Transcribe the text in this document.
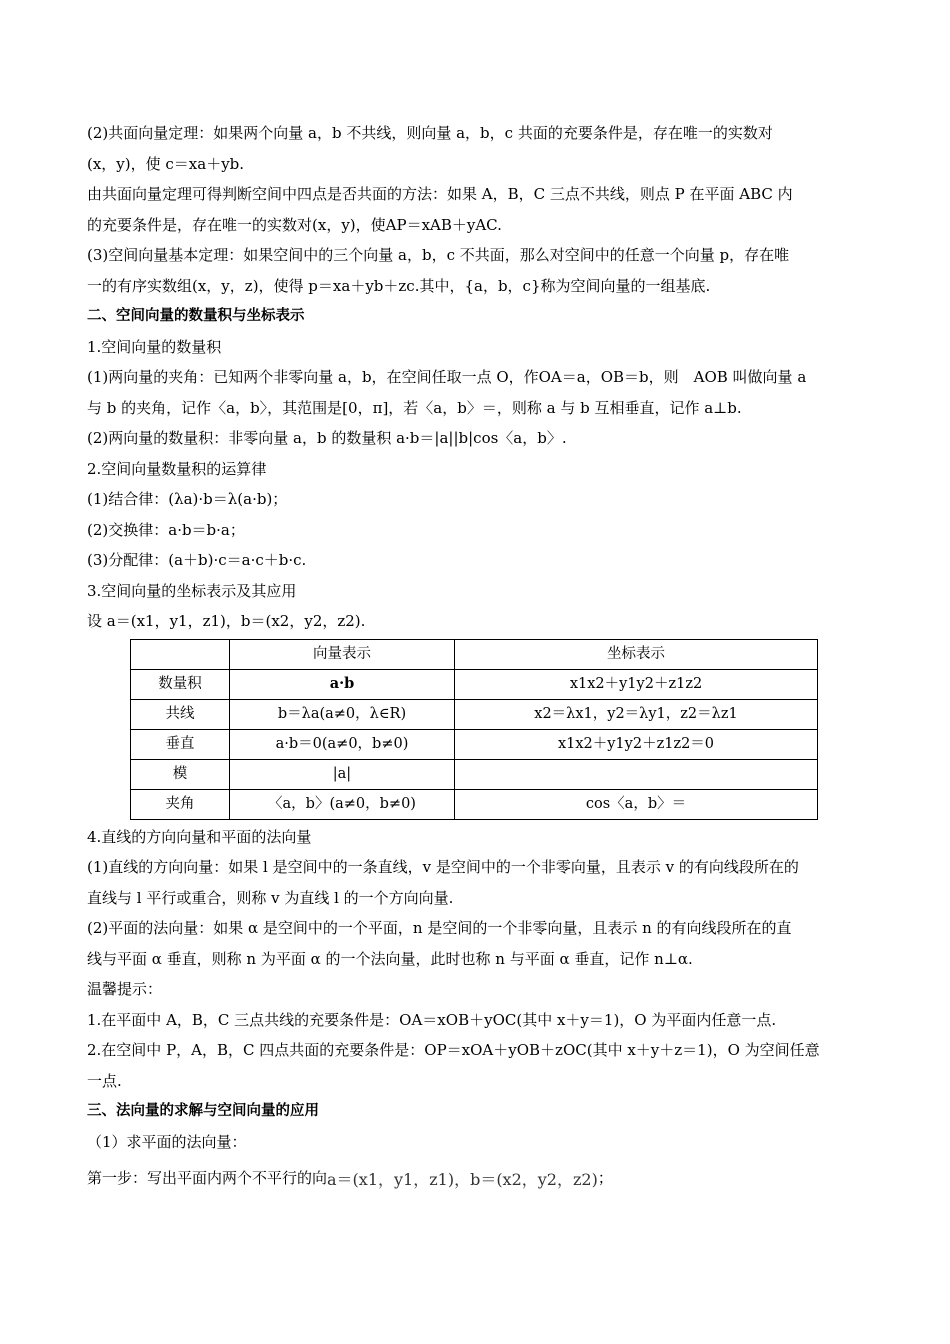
(2)共面向量定理：如果两个向量 a，b 不共线，则向量 a，b，c 共面的充要条件是，存在唯一的实数对

(x，y)，使 c＝xa＋yb.

由共面向量定理可得判断空间中四点是否共面的方法：如果 A，B，C 三点不共线，则点 P 在平面 ABC 内

的充要条件是，存在唯一的实数对(x，y)，使AP＝xAB＋yAC.

(3)空间向量基本定理：如果空间中的三个向量 a，b，c 不共面，那么对空间中的任意一个向量 p，存在唯

一的有序实数组(x，y，z)，使得 p＝xa＋yb＋zc.其中，{a，b，c}称为空间向量的一组基底.

二、空间向量的数量积与坐标表示

1.空间向量的数量积

(1)两向量的夹角：已知两个非零向量 a，b，在空间任取一点 O，作OA＝a，OB＝b，则　AOB 叫做向量 a

与 b 的夹角，记作〈a，b〉，其范围是[0，π]，若〈a，b〉＝，则称 a 与 b 互相垂直，记作 a⊥b.

(2)两向量的数量积：非零向量 a，b 的数量积 a·b＝|a||b|cos〈a，b〉.

2.空间向量数量积的运算律

(1)结合律：(λa)·b＝λ(a·b)；

(2)交换律：a·b＝b·a；

(3)分配律：(a＋b)·c＝a·c＋b·c.

3.空间向量的坐标表示及其应用

设 a＝(x1，y1，z1)，b＝(x2，y2，z2).

	向量表示	坐标表示
数量积	a·b	x1x2＋y1y2＋z1z2
共线	b＝λa(a≠0，λ∈R)	x2＝λx1，y2＝λy1，z2＝λz1
垂直	a·b＝0(a≠0，b≠0)	x1x2＋y1y2＋z1z2＝0
模	|a|	
夹角	〈a，b〉(a≠0，b≠0)	cos〈a，b〉＝

4.直线的方向向量和平面的法向量

(1)直线的方向向量：如果 l 是空间中的一条直线，v 是空间中的一个非零向量，且表示 v 的有向线段所在的

直线与 l 平行或重合，则称 v 为直线 l 的一个方向向量.

(2)平面的法向量：如果 α 是空间中的一个平面，n 是空间的一个非零向量，且表示 n 的有向线段所在的直

线与平面 α 垂直，则称 n 为平面 α 的一个法向量，此时也称 n 与平面 α 垂直，记作 n⊥α.

温馨提示：

1.在平面中 A，B，C 三点共线的充要条件是：OA＝xOB＋yOC(其中 x＋y＝1)，O 为平面内任意一点.

2.在空间中 P，A，B，C 四点共面的充要条件是：OP＝xOA＋yOB＋zOC(其中 x＋y＋z＝1)，O 为空间任意

一点.

三、法向量的求解与空间向量的应用

（1）求平面的法向量：

第一步：写出平面内两个不平行的向a＝(x1，y1，z1)，b＝(x2，y2，z2)；
